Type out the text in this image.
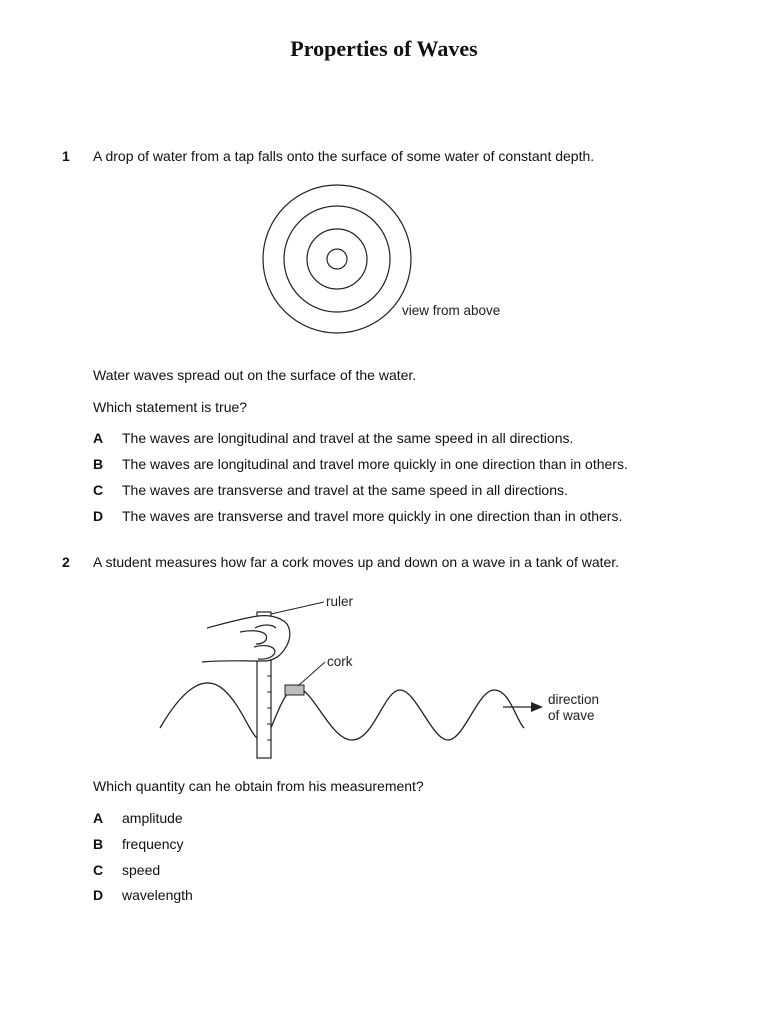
Properties of Waves
1 A drop of water from a tap falls onto the surface of some water of constant depth.
view from above
Water waves spread out on the surface of the water.
Which statement is true?
A The waves are longitudinal and travel at the same speed in all directions.
B The waves are longitudinal and travel more quickly in one direction than in others.
C The waves are transverse and travel at the same speed in all directions.
D The waves are transverse and travel more quickly in one direction than in others.
2 A student measures how far a cork moves up and down on a wave in a tank of water.
ruler
cork
direction
of wave
Which quantity can he obtain from his measurement?
A amplitude
B frequency
C speed
D wavelength
